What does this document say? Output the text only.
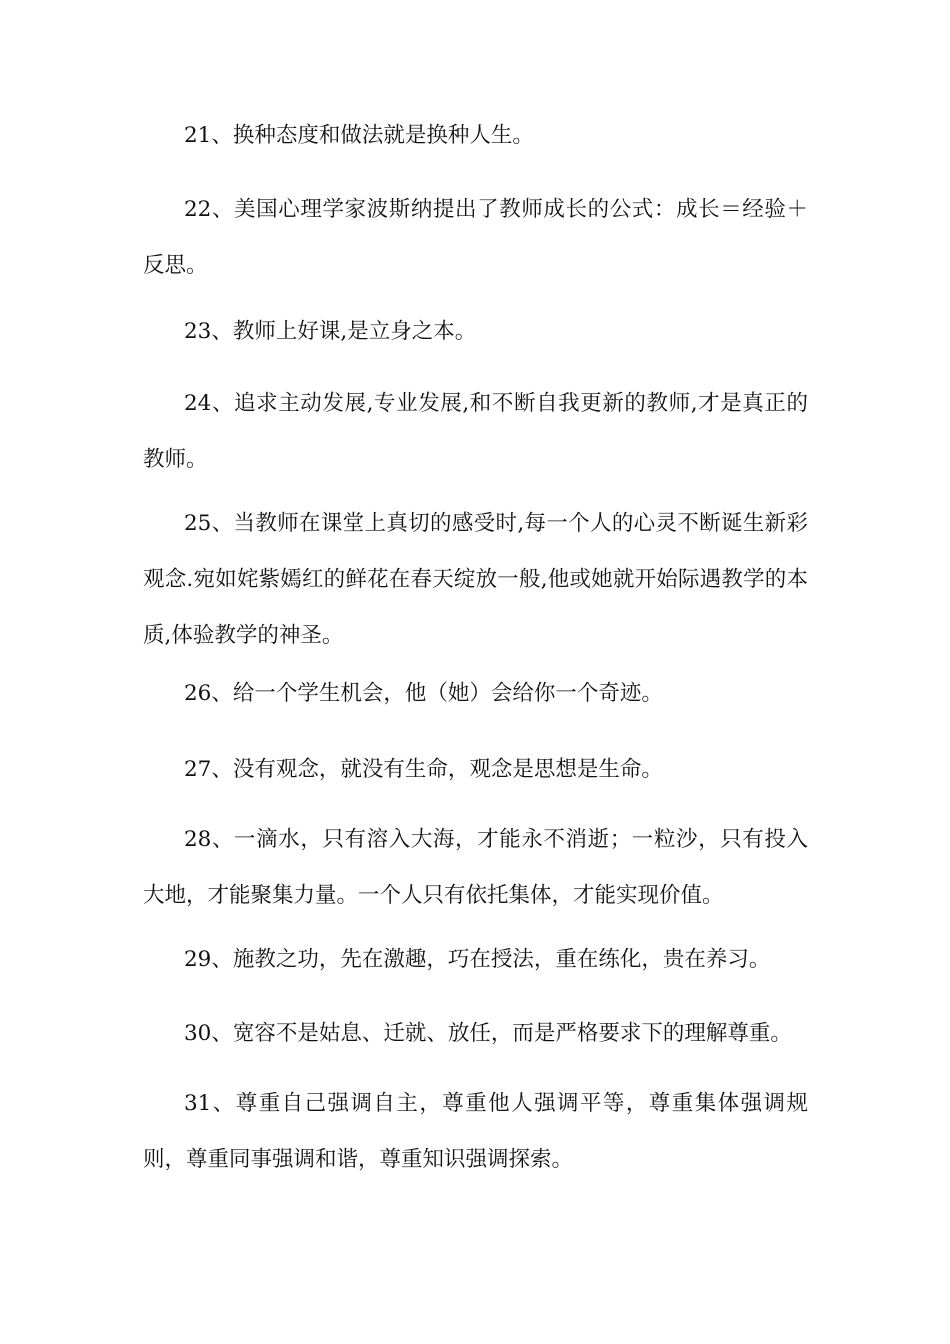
21、换种态度和做法就是换种人生。

22、美国心理学家波斯纳提出了教师成长的公式：成长＝经验＋反思。

23、教师上好课,是立身之本。

24、追求主动发展,专业发展,和不断自我更新的教师,才是真正的教师。

25、当教师在课堂上真切的感受时,每一个人的心灵不断诞生新彩观念.宛如姹紫嫣红的鲜花在春天绽放一般,他或她就开始际遇教学的本质,体验教学的神圣。

26、给一个学生机会，他（她）会给你一个奇迹。

27、没有观念，就没有生命，观念是思想是生命。

28、一滴水，只有溶入大海，才能永不消逝；一粒沙，只有投入大地，才能聚集力量。一个人只有依托集体，才能实现价值。

29、施教之功，先在激趣，巧在授法，重在练化，贵在养习。

30、宽容不是姑息、迁就、放任，而是严格要求下的理解尊重。

31、尊重自己强调自主，尊重他人强调平等，尊重集体强调规则，尊重同事强调和谐，尊重知识强调探索。
